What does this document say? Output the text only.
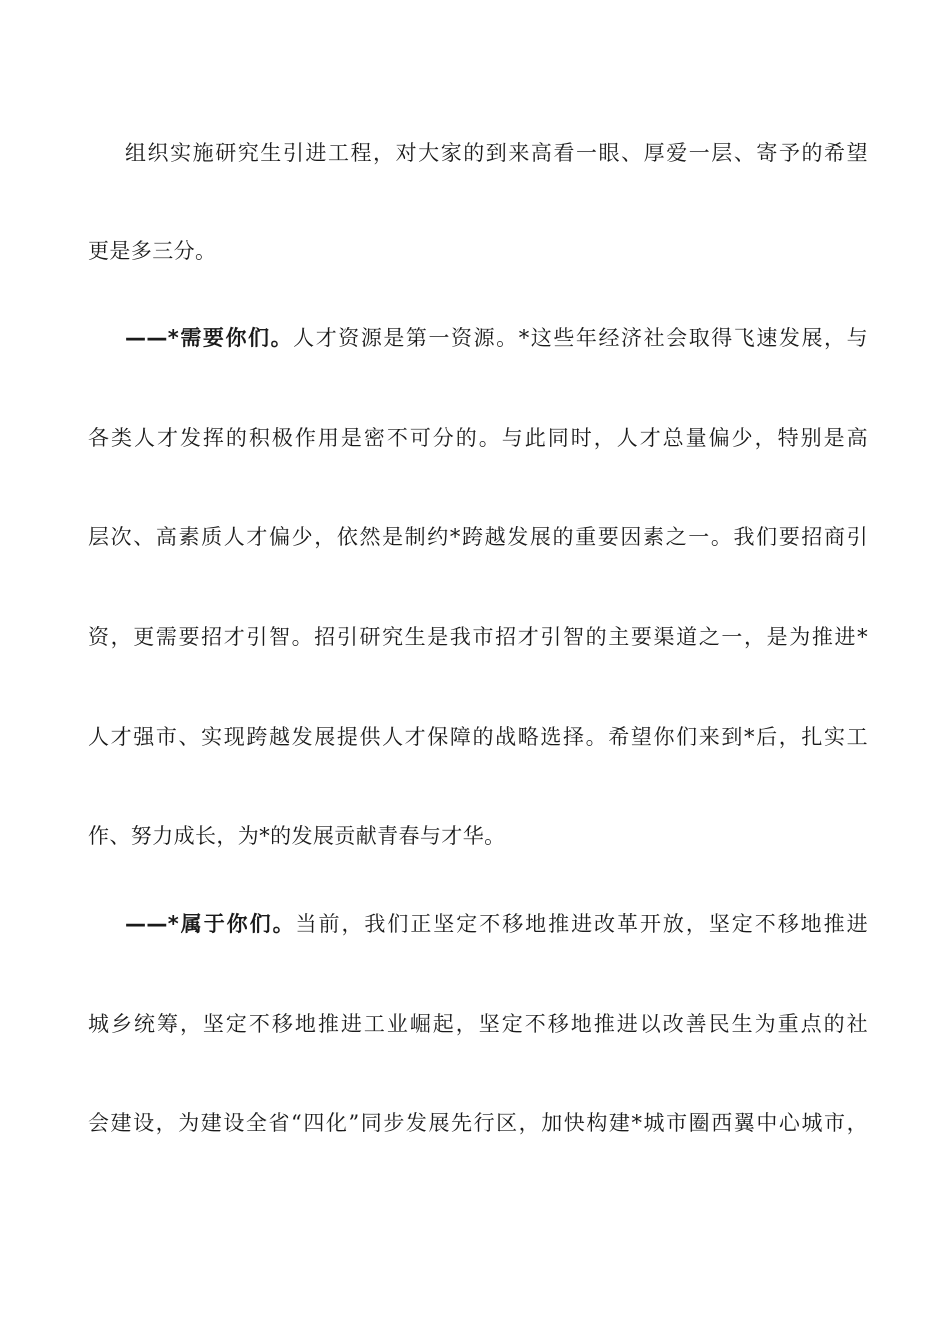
组织实施研究生引进工程，对大家的到来高看一眼、厚爱一层、寄予的希望
更是多三分。
——*需要你们。人才资源是第一资源。*这些年经济社会取得飞速发展，与
各类人才发挥的积极作用是密不可分的。与此同时，人才总量偏少，特别是高
层次、高素质人才偏少，依然是制约*跨越发展的重要因素之一。我们要招商引
资，更需要招才引智。招引研究生是我市招才引智的主要渠道之一，是为推进*
人才强市、实现跨越发展提供人才保障的战略选择。希望你们来到*后，扎实工
作、努力成长，为*的发展贡献青春与才华。
——*属于你们。当前，我们正坚定不移地推进改革开放，坚定不移地推进
城乡统筹，坚定不移地推进工业崛起，坚定不移地推进以改善民生为重点的社
会建设，为建设全省“四化”同步发展先行区，加快构建*城市圈西翼中心城市，
